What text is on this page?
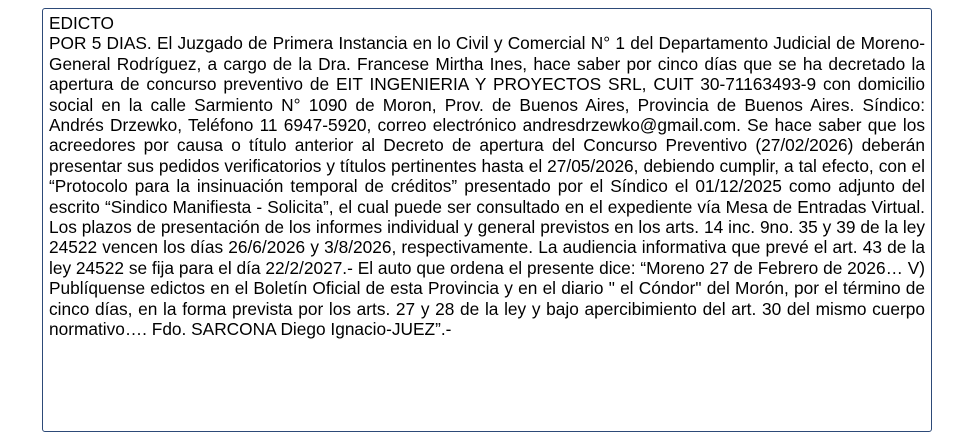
EDICTO

POR 5 DIAS. El Juzgado de Primera Instancia en lo Civil y Comercial N° 1 del Departamento Judicial de Moreno-General Rodríguez, a cargo de la Dra. Francese Mirtha Ines, hace saber por cinco días que se ha decretado la apertura de concurso preventivo de EIT INGENIERIA Y PROYECTOS SRL, CUIT 30-71163493-9 con domicilio social en la calle Sarmiento N° 1090 de Moron, Prov. de Buenos Aires, Provincia de Buenos Aires. Síndico: Andrés Drzewko, Teléfono 11 6947-5920, correo electrónico andresdrzewko@gmail.com. Se hace saber que los acreedores por causa o título anterior al Decreto de apertura del Concurso Preventivo (27/02/2026) deberán presentar sus pedidos verificatorios y títulos pertinentes hasta el 27/05/2026, debiendo cumplir, a tal efecto, con el “Protocolo para la insinuación temporal de créditos” presentado por el Síndico el 01/12/2025 como adjunto del escrito “Sindico Manifiesta - Solicita”, el cual puede ser consultado en el expediente vía Mesa de Entradas Virtual. Los plazos de presentación de los informes individual y general previstos en los arts. 14 inc. 9no. 35 y 39 de la ley 24522 vencen los días 26/6/2026 y 3/8/2026, respectivamente. La audiencia informativa que prevé el art. 43 de la ley 24522 se fija para el día 22/2/2027.- El auto que ordena el presente dice: “Moreno 27 de Febrero de 2026… V) Publíquense edictos en el Boletín Oficial de esta Provincia y en el diario " el Cóndor" del Morón, por el término de cinco días, en la forma prevista por los arts. 27 y 28 de la ley y bajo apercibimiento del art. 30 del mismo cuerpo normativo…. Fdo. SARCONA Diego Ignacio-JUEZ”.-
